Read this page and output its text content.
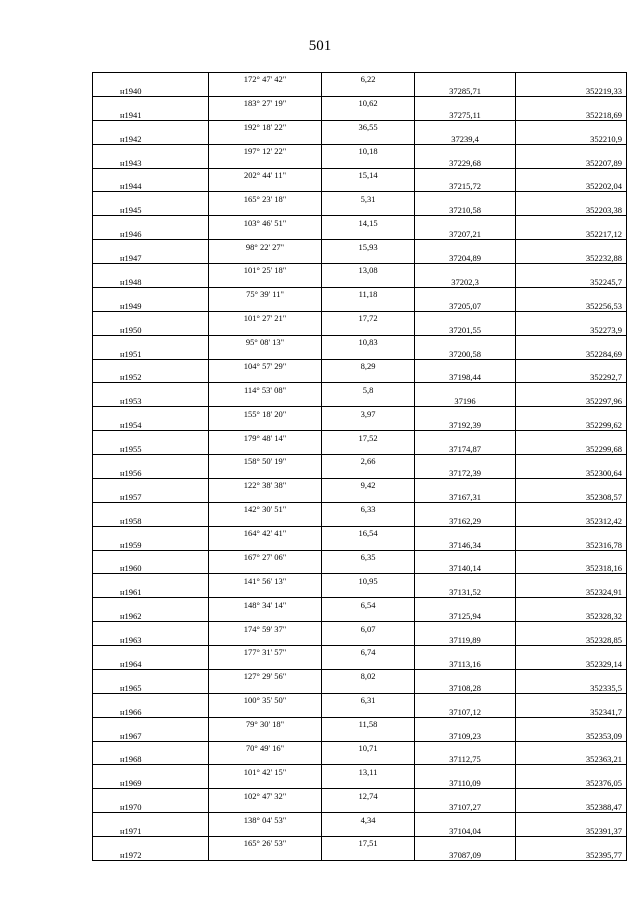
501
	172° 47' 42"	6,22		
н1940			37285,71	352219,33
	183° 27' 19"	10,62		
н1941			37275,11	352218,69
	192° 18' 22"	36,55		
н1942			37239,4	352210,9
	197° 12' 22"	10,18		
н1943			37229,68	352207,89
	202° 44' 11"	15,14		
н1944			37215,72	352202,04
	165° 23' 18"	5,31		
н1945			37210,58	352203,38
	103° 46' 51"	14,15		
н1946			37207,21	352217,12
	98° 22' 27"	15,93		
н1947			37204,89	352232,88
	101° 25' 18"	13,08		
н1948			37202,3	352245,7
	75° 39' 11"	11,18		
н1949			37205,07	352256,53
	101° 27' 21"	17,72		
н1950			37201,55	352273,9
	95° 08' 13"	10,83		
н1951			37200,58	352284,69
	104° 57' 29"	8,29		
н1952			37198,44	352292,7
	114° 53' 08"	5,8		
н1953			37196	352297,96
	155° 18' 20"	3,97		
н1954			37192,39	352299,62
	179° 48' 14"	17,52		
н1955			37174,87	352299,68
	158° 50' 19"	2,66		
н1956			37172,39	352300,64
	122° 38' 38"	9,42		
н1957			37167,31	352308,57
	142° 30' 51"	6,33		
н1958			37162,29	352312,42
	164° 42' 41"	16,54		
н1959			37146,34	352316,78
	167° 27' 06"	6,35		
н1960			37140,14	352318,16
	141° 56' 13"	10,95		
н1961			37131,52	352324,91
	148° 34' 14"	6,54		
н1962			37125,94	352328,32
	174° 59' 37"	6,07		
н1963			37119,89	352328,85
	177° 31' 57"	6,74		
н1964			37113,16	352329,14
	127° 29' 56"	8,02		
н1965			37108,28	352335,5
	100° 35' 50"	6,31		
н1966			37107,12	352341,7
	79° 30' 18"	11,58		
н1967			37109,23	352353,09
	70° 49' 16"	10,71		
н1968			37112,75	352363,21
	101° 42' 15"	13,11		
н1969			37110,09	352376,05
	102° 47' 32"	12,74		
н1970			37107,27	352388,47
	138° 04' 53"	4,34		
н1971			37104,04	352391,37
	165° 26' 53"	17,51		
н1972			37087,09	352395,77
